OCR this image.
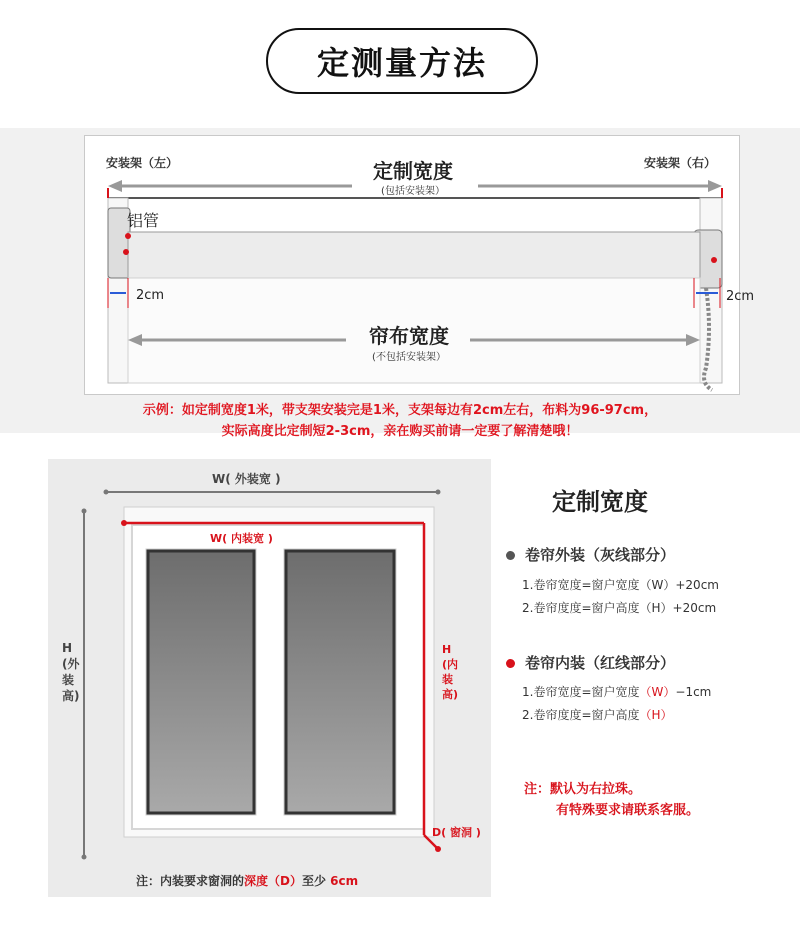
定测量方法
安装架（左）	安装架（右）
定制宽度
(包括安装架）
铝管
2cm	2cm
帘布宽度
(不包括安装架）
示例：如定制宽度1米，带支架安装完是1米，支架每边有2cm左右，布料为96-97cm，
实际高度比定制短2-3cm，亲在购买前请一定要了解清楚哦！
W( 外装宽 )
W( 内装宽 )
H(外装高)
H(内装高)
D( 窗洞 )
注：内装要求窗洞的深度（D）至少 6cm
定制宽度
卷帘外装（灰线部分）
1.卷帘宽度=窗户宽度（W）+20cm
2.卷帘度度=窗户高度（H）+20cm
卷帘内装（红线部分）
1.卷帘宽度=窗户宽度（W）−1cm
2.卷帘度度=窗户高度（H）
注：默认为右拉珠。
有特殊要求请联系客服。
